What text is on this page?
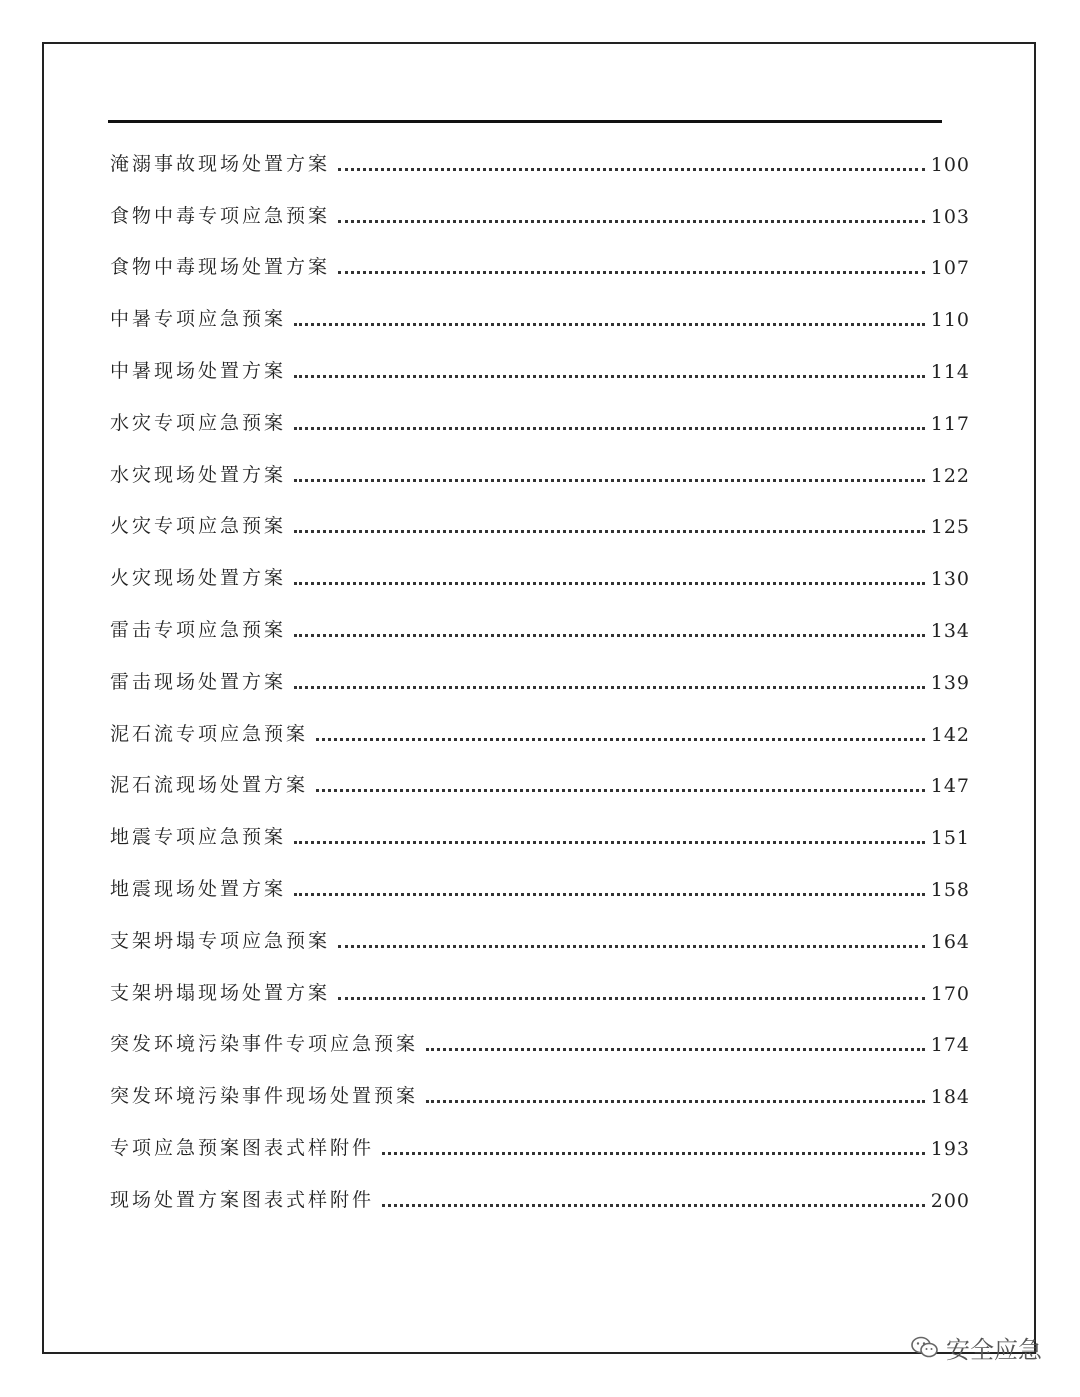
淹溺事故现场处置方案	100
食物中毒专项应急预案	103
食物中毒现场处置方案	107
中暑专项应急预案	110
中暑现场处置方案	114
水灾专项应急预案	117
水灾现场处置方案	122
火灾专项应急预案	125
火灾现场处置方案	130
雷击专项应急预案	134
雷击现场处置方案	139
泥石流专项应急预案	142
泥石流现场处置方案	147
地震专项应急预案	151
地震现场处置方案	158
支架坍塌专项应急预案	164
支架坍塌现场处置方案	170
突发环境污染事件专项应急预案	174
突发环境污染事件现场处置预案	184
专项应急预案图表式样附件	193
现场处置方案图表式样附件	200
安全应急
